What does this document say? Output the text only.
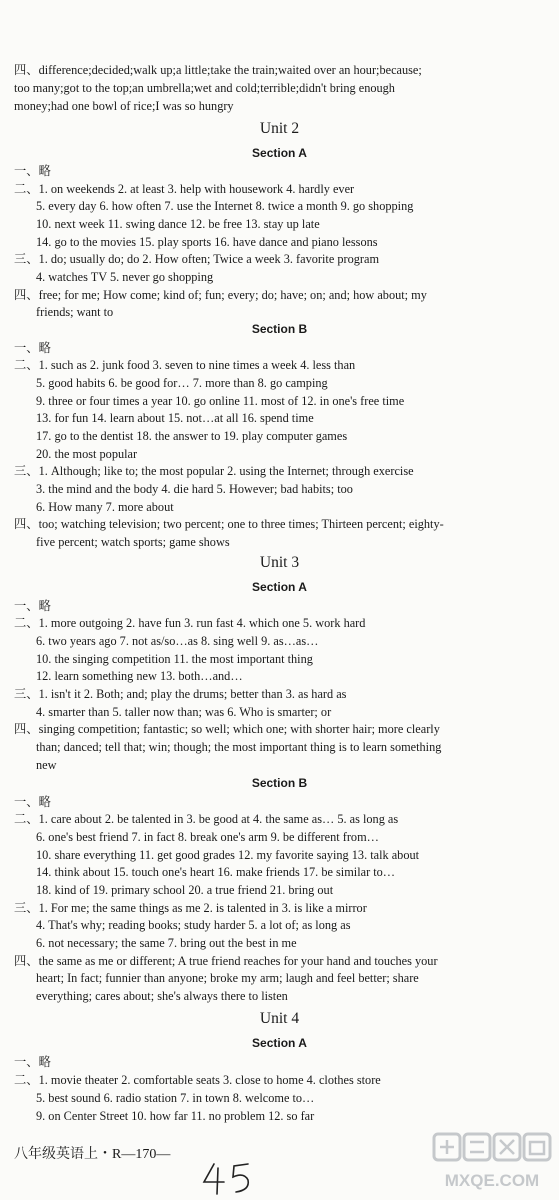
四、difference;decided;walk up;a little;take the train;waited over an hour;because;
too many;got to the top;an umbrella;wet and cold;terrible;didn't bring enough
money;had one bowl of rice;I was so hungry
Unit 2
Section A
一、略
二、1. on weekends 2. at least 3. help with housework 4. hardly ever
5. every day 6. how often 7. use the Internet 8. twice a month 9. go shopping
10. next week 11. swing dance 12. be free 13. stay up late
14. go to the movies 15. play sports 16. have dance and piano lessons
三、1. do; usually do; do 2. How often; Twice a week 3. favorite program
4. watches TV 5. never go shopping
四、free; for me; How come; kind of; fun; every; do; have; on; and; how about; my
friends; want to
Section B
一、略
二、1. such as 2. junk food 3. seven to nine times a week 4. less than
5. good habits 6. be good for… 7. more than 8. go camping
9. three or four times a year 10. go online 11. most of 12. in one's free time
13. for fun 14. learn about 15. not…at all 16. spend time
17. go to the dentist 18. the answer to 19. play computer games
20. the most popular
三、1. Although; like to; the most popular 2. using the Internet; through exercise
3. the mind and the body 4. die hard 5. However; bad habits; too
6. How many 7. more about
四、too; watching television; two percent; one to three times; Thirteen percent; eighty-
five percent; watch sports; game shows
Unit 3
Section A
一、略
二、1. more outgoing 2. have fun 3. run fast 4. which one 5. work hard
6. two years ago 7. not as/so…as 8. sing well 9. as…as…
10. the singing competition 11. the most important thing
12. learn something new 13. both…and…
三、1. isn't it 2. Both; and; play the drums; better than 3. as hard as
4. smarter than 5. taller now than; was 6. Who is smarter; or
四、singing competition; fantastic; so well; which one; with shorter hair; more clearly
than; danced; tell that; win; though; the most important thing is to learn something
new
Section B
一、略
二、1. care about 2. be talented in 3. be good at 4. the same as… 5. as long as
6. one's best friend 7. in fact 8. break one's arm 9. be different from…
10. share everything 11. get good grades 12. my favorite saying 13. talk about
14. think about 15. touch one's heart 16. make friends 17. be similar to…
18. kind of 19. primary school 20. a true friend 21. bring out
三、1. For me; the same things as me 2. is talented in 3. is like a mirror
4. That's why; reading books; study harder 5. a lot of; as long as
6. not necessary; the same 7. bring out the best in me
四、the same as me or different; A true friend reaches for your hand and touches your
heart; In fact; funnier than anyone; broke my arm; laugh and feel better; share
everything; cares about; she's always there to listen
Unit 4
Section A
一、略
二、1. movie theater 2. comfortable seats 3. close to home 4. clothes store
5. best sound 6. radio station 7. in town 8. welcome to…
9. on Center Street 10. how far 11. no problem 12. so far
八年级英语上・R—170—
MXQE.COM
